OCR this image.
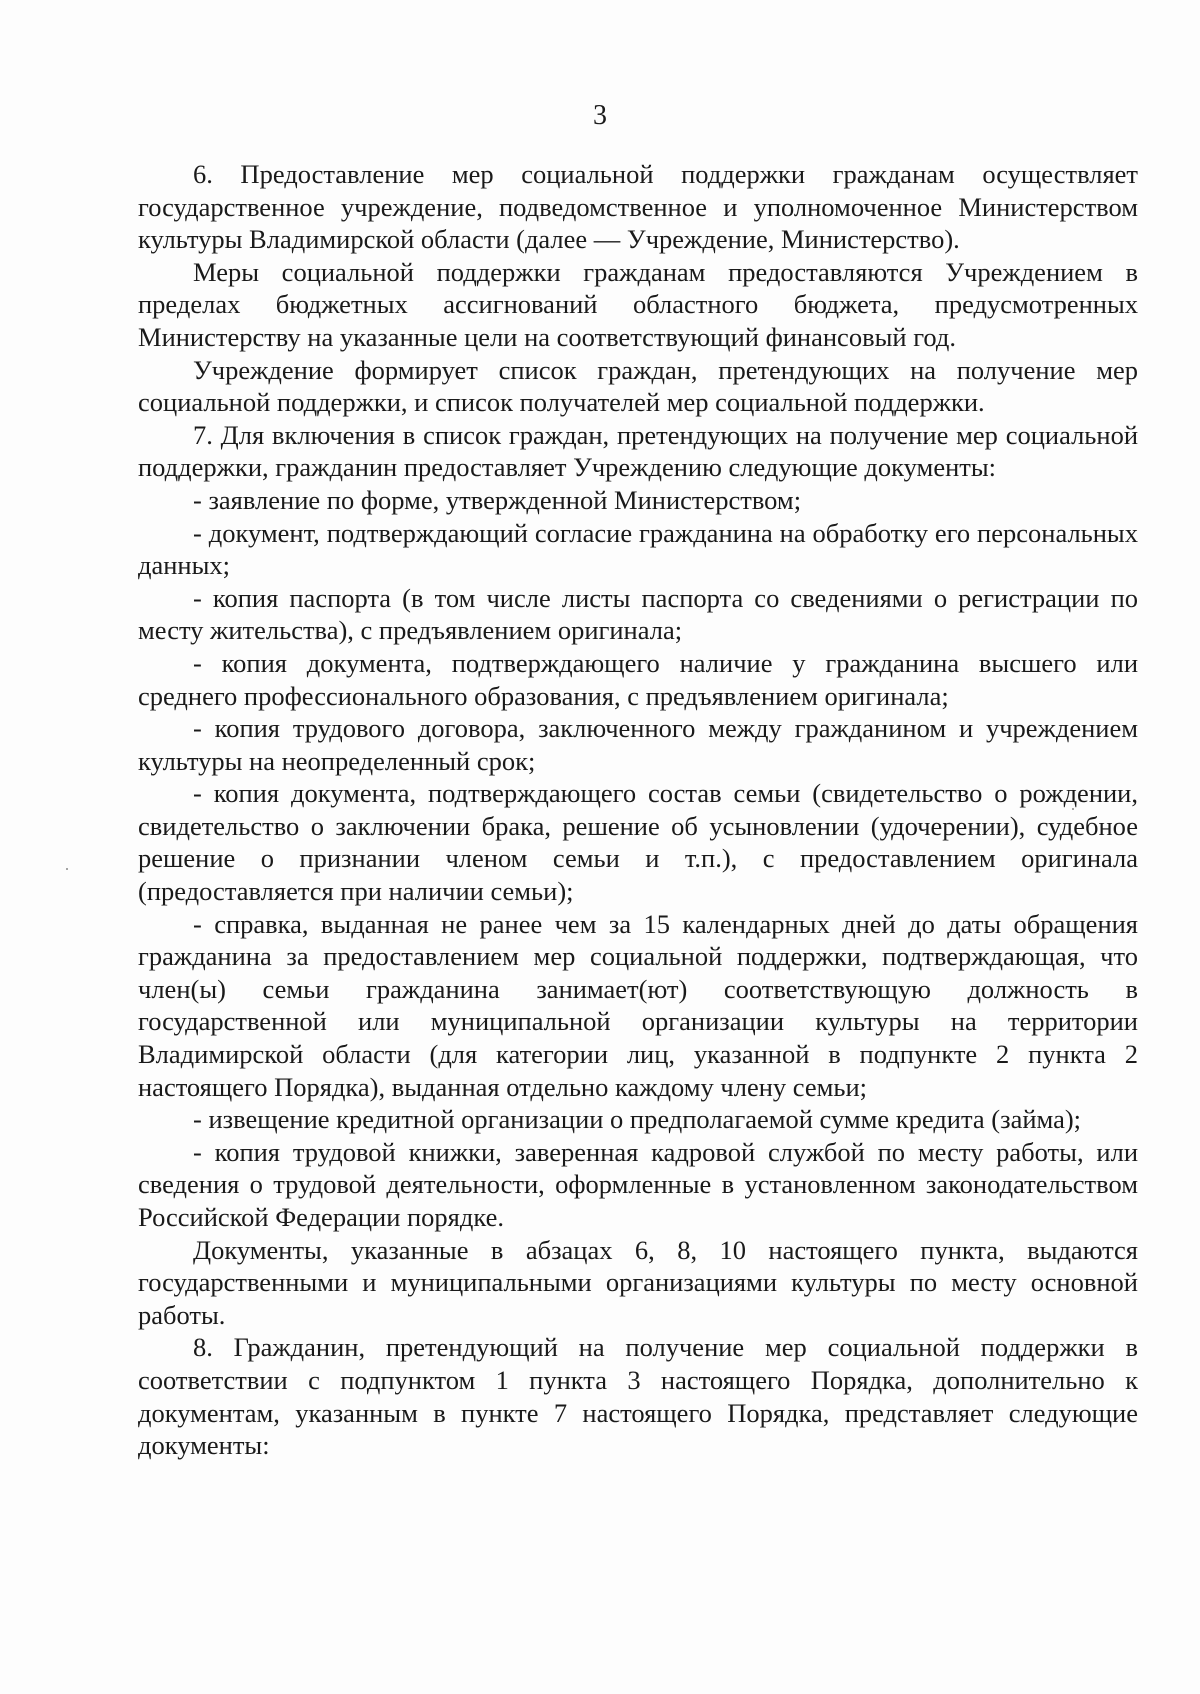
3

6. Предоставление мер социальной поддержки гражданам осуществляет государственное учреждение, подведомственное и уполномоченное Министерством культуры Владимирской области (далее — Учреждение, Министерство).

Меры социальной поддержки гражданам предоставляются Учреждением в пределах бюджетных ассигнований областного бюджета, предусмотренных Министерству на указанные цели на соответствующий финансовый год.

Учреждение формирует список граждан, претендующих на получение мер социальной поддержки, и список получателей мер социальной поддержки.

7. Для включения в список граждан, претендующих на получение мер социальной поддержки, гражданин предоставляет Учреждению следующие документы:

- заявление по форме, утвержденной Министерством;

- документ, подтверждающий согласие гражданина на обработку его персональных данных;

- копия паспорта (в том числе листы паспорта со сведениями о регистрации по месту жительства), с предъявлением оригинала;

- копия документа, подтверждающего наличие у гражданина высшего или среднего профессионального образования, с предъявлением оригинала;

- копия трудового договора, заключенного между гражданином и учреждением культуры на неопределенный срок;

- копия документа, подтверждающего состав семьи (свидетельство о рождении, свидетельство о заключении брака, решение об усыновлении (удочерении), судебное решение о признании членом семьи и т.п.), с предоставлением оригинала (предоставляется при наличии семьи);

- справка, выданная не ранее чем за 15 календарных дней до даты обращения гражданина за предоставлением мер социальной поддержки, подтверждающая, что член(ы) семьи гражданина занимает(ют) соответствующую должность в государственной или муниципальной организации культуры на территории Владимирской области (для категории лиц, указанной в подпункте 2 пункта 2 настоящего Порядка), выданная отдельно каждому члену семьи;

- извещение кредитной организации о предполагаемой сумме кредита (займа);

- копия трудовой книжки, заверенная кадровой службой по месту работы, или сведения о трудовой деятельности, оформленные в установленном законодательством Российской Федерации порядке.

Документы, указанные в абзацах 6, 8, 10 настоящего пункта, выдаются государственными и муниципальными организациями культуры по месту основной работы.

8. Гражданин, претендующий на получение мер социальной поддержки в соответствии с подпунктом 1 пункта 3 настоящего Порядка, дополнительно к документам, указанным в пункте 7 настоящего Порядка, представляет следующие документы:
